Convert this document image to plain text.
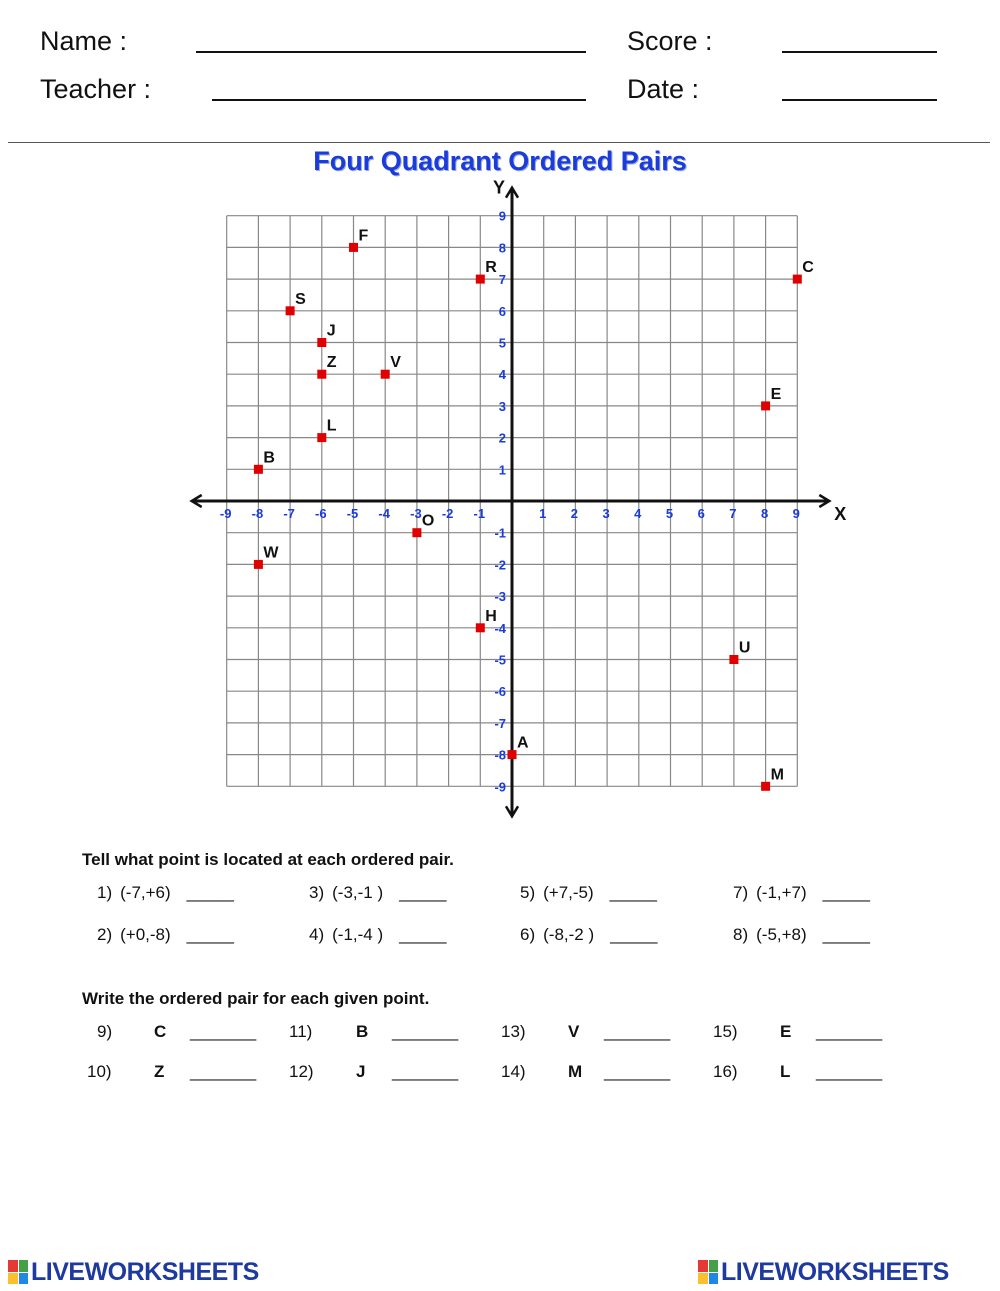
Name :	Score :
Teacher :	Date :
Four Quadrant Ordered Pairs
X
Y
-9 -8 -7 -6 -5 -4 -3 -2 -1	1 2 3 4 5 6 7 8 9
9
8
7
6
5
4
3
2
1
-1
-2
-3
-4
-5
-6
-7
-8
-9
F
R	C
S
J
Z	V
E
L
B
O
W
H
U
A
M
Tell what point is located at each ordered pair.
1) (-7,+6) _____	3) (-3,-1 ) _____	5) (+7,-5) _____	7) (-1,+7) _____
2) (+0,-8) _____	4) (-1,-4 ) _____	6) (-8,-2 ) _____	8) (-5,+8) _____
Write the ordered pair for each given point.
9) C _______ 11)	B _______	13) V _______	15) E _______
10) Z _______ 12) J _______	14) M _______	16) L _______
LIVEWORKSHEETS	LIVEWORKSHEETS
